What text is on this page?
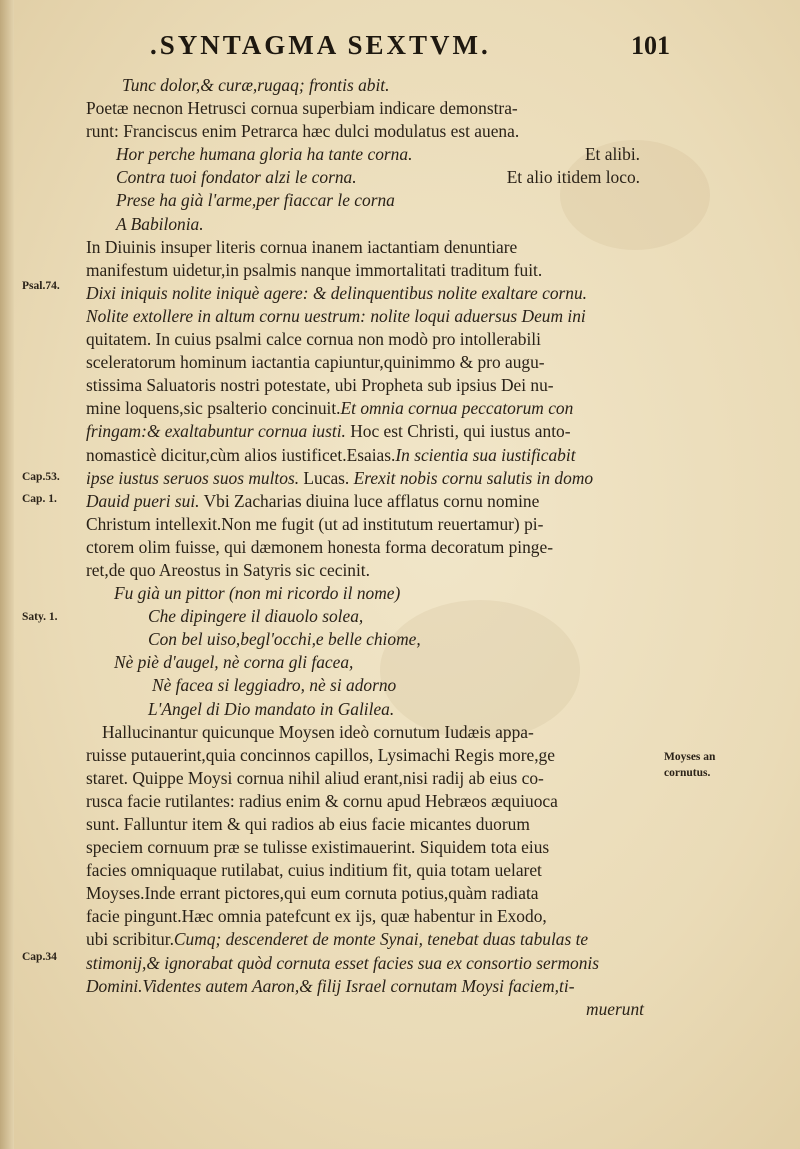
.SYNTAGMA SEXTVM.	101
Tunc dolor,& curæ,rugaq; frontis abit.
Poetæ necnon Hetrusci cornua superbiam indicare demonstra-
runt: Franciscus enim Petrarca hæc dulci modulatus est auena.
Hor perche humana gloria ha tante corna.	Et alibi.
Contra tuoi fondator alzi le corna.	Et alio itidem loco.
Prese ha già l'arme,per fiaccar le corna
A Babilonia.
In Diuinis insuper literis cornua inanem iactantiam denuntiare
manifestum uidetur,in psalmis nanque immortalitati traditum fuit.
Dixi iniquis nolite iniquè agere: & delinquentibus nolite exaltare cornu.
Nolite extollere in altum cornu uestrum: nolite loqui aduersus Deum ini
quitatem. In cuius psalmi calce cornua non modò pro intollerabili
sceleratorum hominum iactantia capiuntur,quinimmo & pro augu-
stissima Saluatoris nostri potestate, ubi Propheta sub ipsius Dei nu-
mine loquens,sic psalterio concinuit.Et omnia cornua peccatorum con
fringam:& exaltabuntur cornua iusti. Hoc est Christi, qui iustus anto-
nomasticè dicitur,cùm alios iustificet.Esaias.In scientia sua iustificabit
ipse iustus seruos suos multos. Lucas. Erexit nobis cornu salutis in domo
Dauid pueri sui. Vbi Zacharias diuina luce afflatus cornu nomine
Christum intellexit.Non me fugit (ut ad institutum reuertamur) pi-
ctorem olim fuisse, qui dæmonem honesta forma decoratum pinge-
ret,de quo Areostus in Satyris sic cecinit.
Fu già un pittor (non mi ricordo il nome)
Che dipingere il diauolo solea,
Con bel uiso,begl'occhi,e belle chiome,
Nè piè d'augel, nè corna gli facea,
Nè facea si leggiadro, nè si adorno
L'Angel di Dio mandato in Galilea.
Hallucinantur quicunque Moysen ideò cornutum Iudæis appa-
ruisse putauerint,quia concinnos capillos, Lysimachi Regis more,ge
staret. Quippe Moysi cornua nihil aliud erant,nisi radij ab eius co-
rusca facie rutilantes: radius enim & cornu apud Hebræos æquiuoca
sunt. Falluntur item & qui radios ab eius facie micantes duorum
speciem cornuum præ se tulisse existimauerint. Siquidem tota eius
facies omniquaque rutilabat, cuius inditium fit, quia totam uelaret
Moyses.Inde errant pictores,qui eum cornuta potius,quàm radiata
facie pingunt.Hæc omnia patefcunt ex ijs, quæ habentur in Exodo,
ubi scribitur.Cumq; descenderet de monte Synai, tenebat duas tabulas te
stimonij,& ignorabat quòd cornuta esset facies sua ex consortio sermonis
Domini.Videntes autem Aaron,& filij Israel cornutam Moysi faciem,ti-
muerunt
Psal.74.
Cap.53.
Cap. 1.
Saty. 1.
Moyses an
cornutus.
Cap.34
